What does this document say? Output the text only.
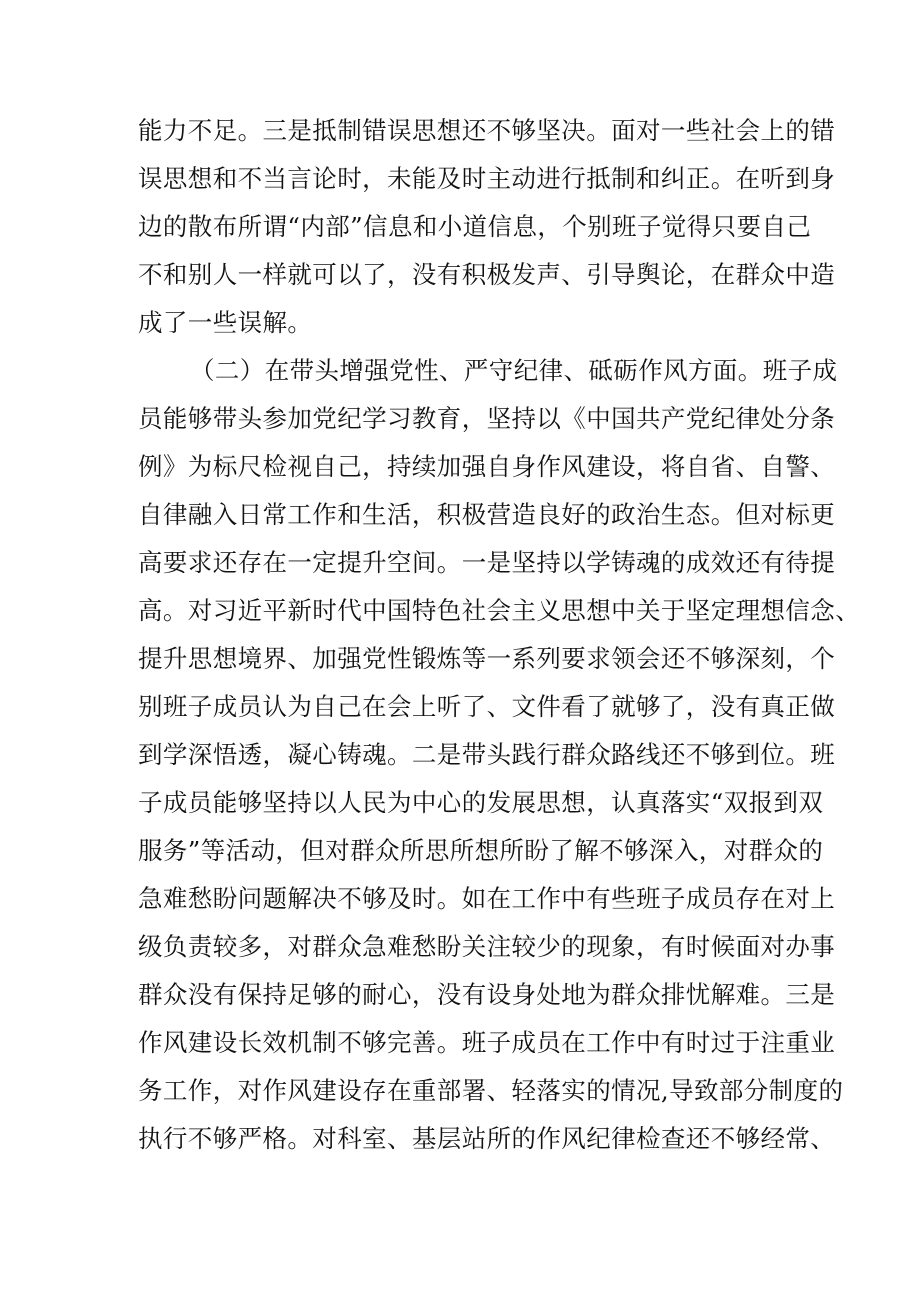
能力不足。三是抵制错误思想还不够坚决。面对一些社会上的错
误思想和不当言论时，未能及时主动进行抵制和纠正。在听到身
边的散布所谓“内部”信息和小道信息，个别班子觉得只要自己
不和别人一样就可以了，没有积极发声、引导舆论，在群众中造
成了一些误解。
（二）在带头增强党性、严守纪律、砥砺作风方面。班子成
员能够带头参加党纪学习教育，坚持以《中国共产党纪律处分条
例》为标尺检视自己，持续加强自身作风建设，将自省、自警、
自律融入日常工作和生活，积极营造良好的政治生态。但对标更
高要求还存在一定提升空间。一是坚持以学铸魂的成效还有待提
高。对习近平新时代中国特色社会主义思想中关于坚定理想信念、
提升思想境界、加强党性锻炼等一系列要求领会还不够深刻，个
别班子成员认为自己在会上听了、文件看了就够了，没有真正做
到学深悟透，凝心铸魂。二是带头践行群众路线还不够到位。班
子成员能够坚持以人民为中心的发展思想，认真落实“双报到双
服务”等活动，但对群众所思所想所盼了解不够深入，对群众的
急难愁盼问题解决不够及时。如在工作中有些班子成员存在对上
级负责较多，对群众急难愁盼关注较少的现象，有时候面对办事
群众没有保持足够的耐心，没有设身处地为群众排忧解难。三是
作风建设长效机制不够完善。班子成员在工作中有时过于注重业
务工作，对作风建设存在重部署、轻落实的情况,导致部分制度的
执行不够严格。对科室、基层站所的作风纪律检查还不够经常、
